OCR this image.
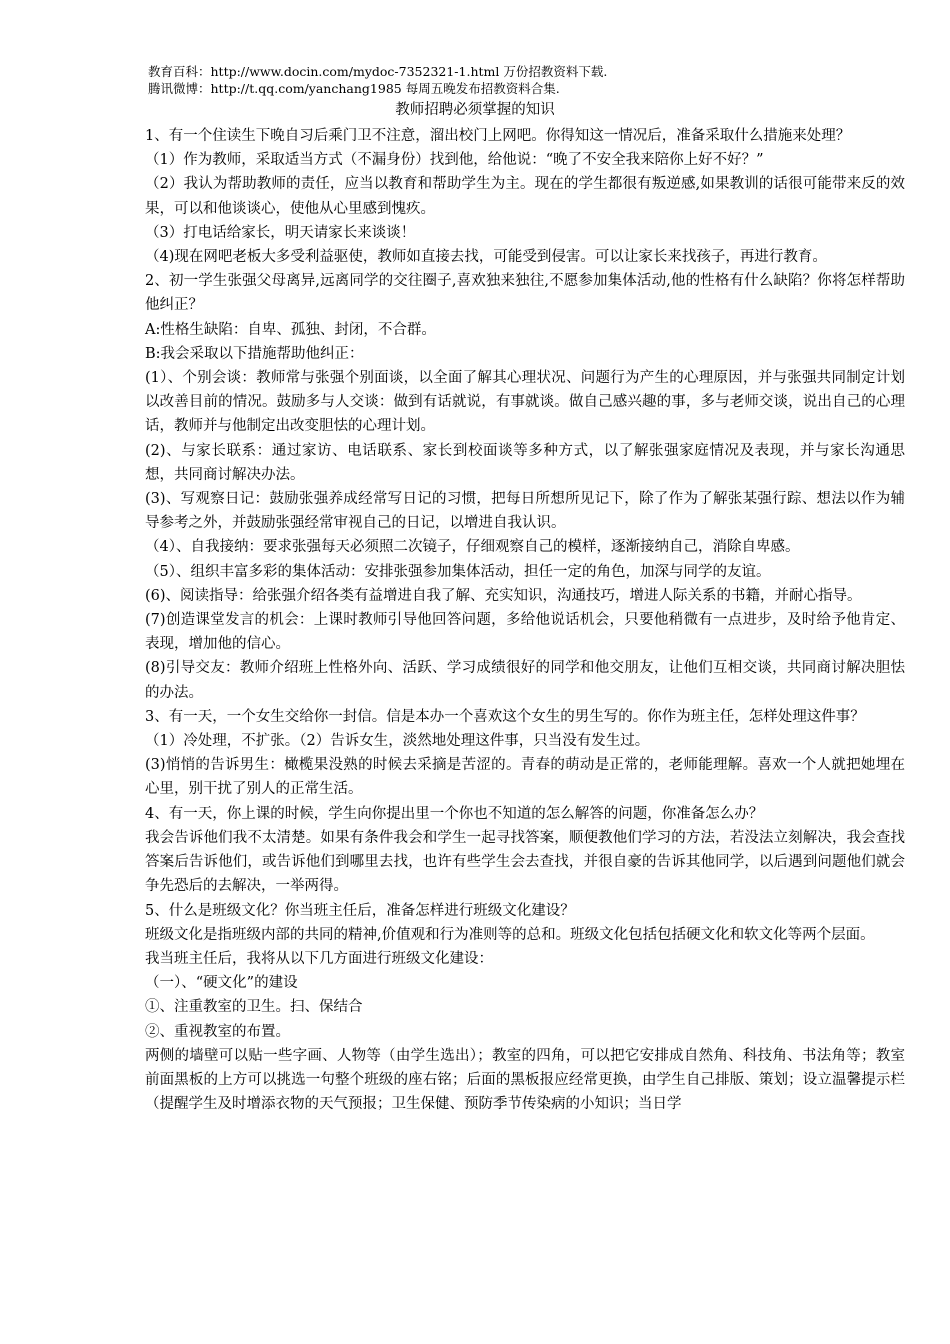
教育百科：http://www.docin.com/mydoc-7352321-1.html 万份招教资料下载.
腾讯微博：http://t.qq.com/yanchang1985 每周五晚发布招教资料合集.
教师招聘必须掌握的知识

1、有一个住读生下晚自习后乘门卫不注意，溜出校门上网吧。你得知这一情况后，准备采取什么措施来处理？

（1）作为教师，采取适当方式（不漏身份）找到他，给他说：“晚了不安全我来陪你上好不好？”

（2）我认为帮助教师的责任，应当以教育和帮助学生为主。现在的学生都很有叛逆感,如果教训的话很可能带来反的效果，可以和他谈谈心，使他从心里感到愧疚。

（3）打电话给家长，明天请家长来谈谈！

（4)现在网吧老板大多受利益驱使，教师如直接去找，可能受到侵害。可以让家长来找孩子，再进行教育。

2、初一学生张强父母离异,远离同学的交往圈子,喜欢独来独往,不愿参加集体活动,他的性格有什么缺陷？你将怎样帮助他纠正？

A:性格生缺陷：自卑、孤独、封闭，不合群。

B:我会采取以下措施帮助他纠正：

(1）、个别会谈：教师常与张强个别面谈，以全面了解其心理状况、问题行为产生的心理原因，并与张强共同制定计划以改善目前的情况。鼓励多与人交谈：做到有话就说，有事就谈。做自己感兴趣的事，多与老师交谈，说出自己的心理话，教师并与他制定出改变胆怯的心理计划。

(2)、与家长联系：通过家访、电话联系、家长到校面谈等多种方式，以了解张强家庭情况及表现，并与家长沟通思想，共同商讨解决办法。

(3)、写观察日记：鼓励张强养成经常写日记的习惯，把每日所想所见记下，除了作为了解张某强行踪、想法以作为辅导参考之外，并鼓励张强经常审视自己的日记，以增进自我认识。

（4）、自我接纳：要求张强每天必须照二次镜子，仔细观察自己的模样，逐渐接纳自己，消除自卑感。

（5）、组织丰富多彩的集体活动：安排张强参加集体活动，担任一定的角色，加深与同学的友谊。

(6)、阅读指导：给张强介绍各类有益增进自我了解、充实知识，沟通技巧，增进人际关系的书籍，并耐心指导。

(7)创造课堂发言的机会：上课时教师引导他回答问题，多给他说话机会，只要他稍微有一点进步，及时给予他肯定、表现，增加他的信心。

(8)引导交友：教师介绍班上性格外向、活跃、学习成绩很好的同学和他交朋友，让他们互相交谈，共同商讨解决胆怯的办法。

3、有一天，一个女生交给你一封信。信是本办一个喜欢这个女生的男生写的。你作为班主任，怎样处理这件事？

（1）冷处理，不扩张。（2）告诉女生，淡然地处理这件事，只当没有发生过。

(3)悄悄的告诉男生：橄榄果没熟的时候去采摘是苦涩的。青春的萌动是正常的，老师能理解。喜欢一个人就把她埋在心里，别干扰了别人的正常生活。

4、有一天，你上课的时候，学生向你提出里一个你也不知道的怎么解答的问题，你准备怎么办？

我会告诉他们我不太清楚。如果有条件我会和学生一起寻找答案，顺便教他们学习的方法，若没法立刻解决，我会查找答案后告诉他们，或告诉他们到哪里去找，也许有些学生会去查找，并很自豪的告诉其他同学，以后遇到问题他们就会争先恐后的去解决，一举两得。

5、什么是班级文化？你当班主任后，准备怎样进行班级文化建设？

班级文化是指班级内部的共同的精神,价值观和行为准则等的总和。班级文化包括包括硬文化和软文化等两个层面。

我当班主任后，我将从以下几方面进行班级文化建设：

（一）、“硬文化”的建设

①、注重教室的卫生。扫、保结合

②、重视教室的布置。

两侧的墙壁可以贴一些字画、人物等（由学生选出）；教室的四角，可以把它安排成自然角、科技角、书法角等；教室前面黑板的上方可以挑选一句整个班级的座右铭；后面的黑板报应经常更换，由学生自己排版、策划；设立温馨提示栏（提醒学生及时增添衣物的天气预报；卫生保健、预防季节传染病的小知识；当日学
